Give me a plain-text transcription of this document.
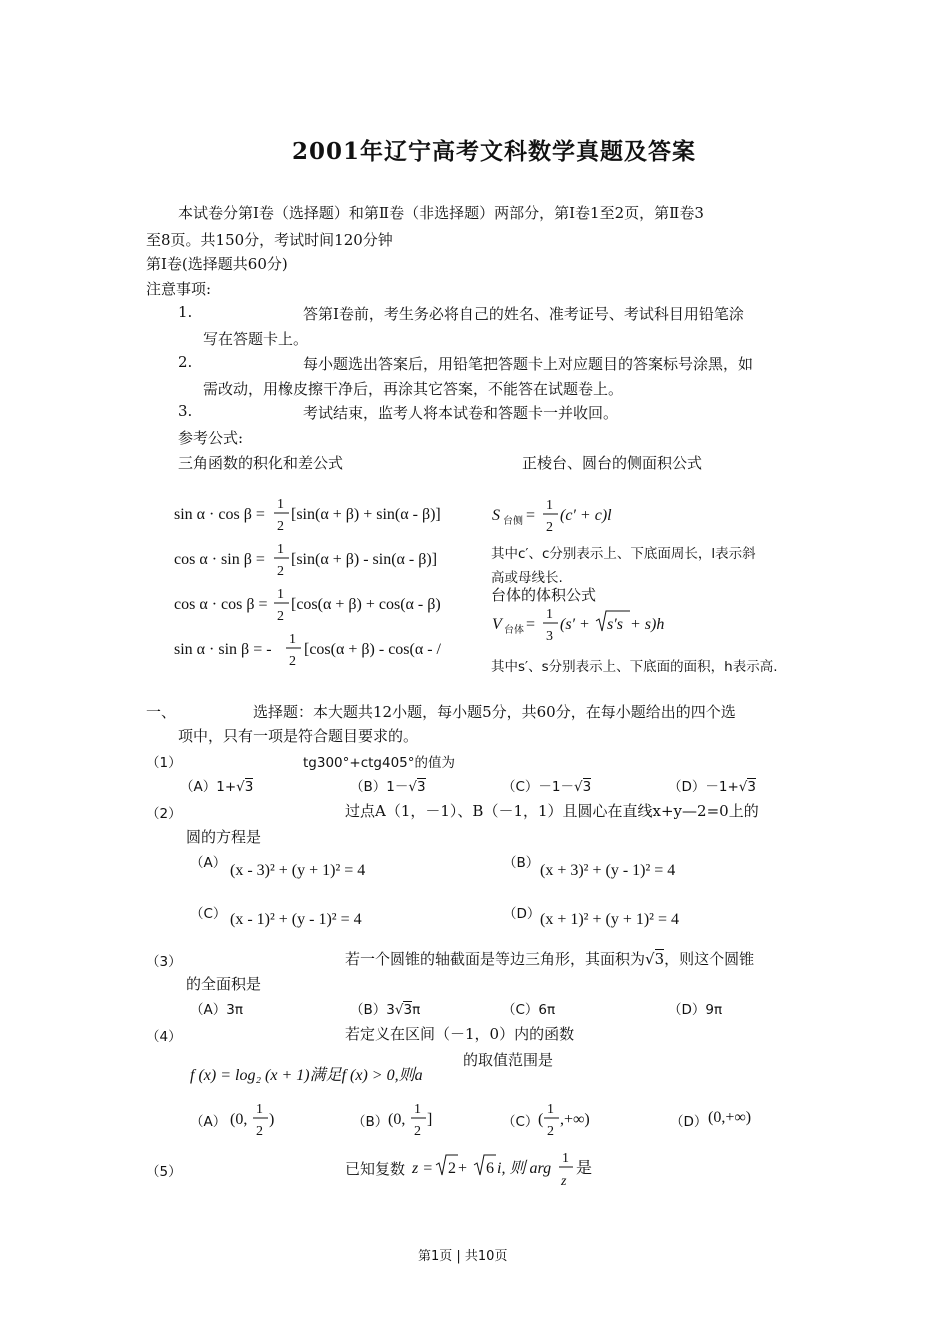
2001年辽宁高考文科数学真题及答案
本试卷分第Ⅰ卷（选择题）和第Ⅱ卷（非选择题）两部分，第Ⅰ卷1至2页，第Ⅱ卷3
至8页。共150分，考试时间120分钟
第Ⅰ卷(选择题共60分)
注意事项:
1.	答第Ⅰ卷前，考生务必将自己的姓名、准考证号、考试科目用铅笔涂
写在答题卡上。
2.	每小题选出答案后，用铅笔把答题卡上对应题目的答案标号涂黑，如
需改动，用橡皮擦干净后，再涂其它答案，不能答在试题卷上。
3.	考试结束，监考人将本试卷和答题卡一并收回。
参考公式:
三角函数的积化和差公式	正棱台、圆台的侧面积公式
sin α · cos β =
1
2
[sin(α + β) + sin(α - β)]
cos α · sin β =
1
2
[sin(α + β) - sin(α - β)]
cos α · cos β =
1
2
[cos(α + β) + cos(α - β)
sin α · sin β = -
1
2
[cos(α + β) - cos(α - /
S 台侧 =
1
2
(c′ + c)l
其中c′、c分别表示上、下底面周长，l表示斜
高或母线长.
台体的体积公式
V 台体 =
1
3
(s′ + s′s + s)h
其中s′、s分别表示上、下底面的面积，h表示高.
一、	选择题：本大题共12小题，每小题5分，共60分，在每小题给出的四个选
项中，只有一项是符合题目要求的。
（1）	tg300°+ctg405°的值为
（A）1+√3	（B）1－√3	（C）－1－√3	（D）－1+√3
（2）	过点A（1，－1）、B（－1，1）且圆心在直线x+y—2=0上的
圆的方程是
（A） (x - 3)² + (y + 1)² = 4	（B） (x + 3)² + (y - 1)² = 4
（C） (x - 1)² + (y - 1)² = 4	（D） (x + 1)² + (y + 1)² = 4
（3）	若一个圆锥的轴截面是等边三角形，其面积为√3，则这个圆锥
的全面积是
（A）3π	（B）3√3π	（C）6π	（D）9π
（4）	若定义在区间（－1，0）内的函数
f (x) = log₂ (x + 1)满足f (x) > 0,则a
的取值范围是
（A） (0,
1
2
)	（B） (0,
1
2
]	（C） (
1
2
,+∞)	（D） (0,+∞)
（5）	已知复数 z = 2 + 6 i, 则 arg
1
z
是
第1页 | 共10页
